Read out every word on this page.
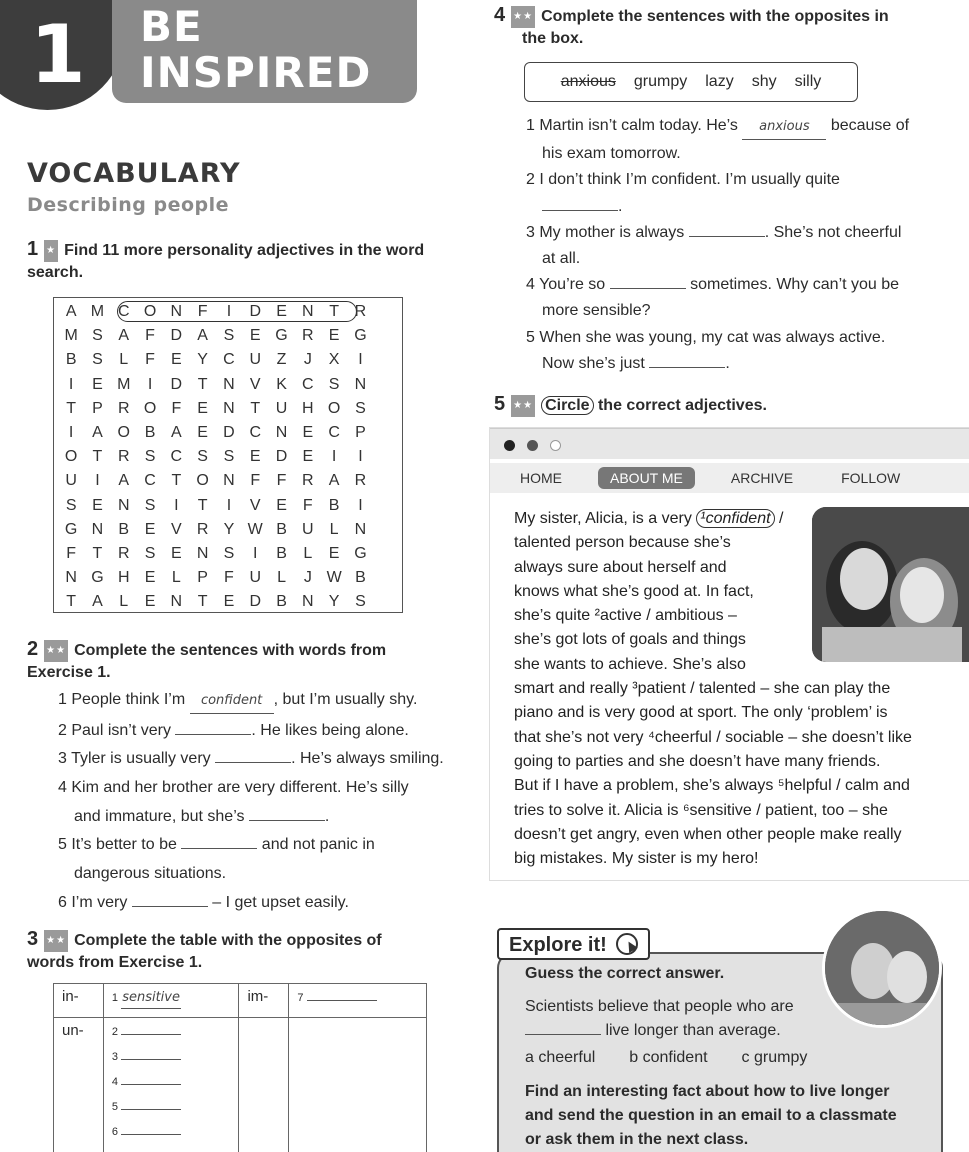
1 BE
INSPIRED
VOCABULARY
Describing people
1 ★ Find 11 more personality adjectives in the word
search.
A M C O N F	I	D E N T R
M S A	F D A S E G R E G
B S	L	F	E Y C U Z	J	X	I
I	E M	I	D T N V K C S N
T	P R O F	E N T U H O S
I	A O B A E D C N E C P
O T R S C S S E D E	I	I
U	I	A C T O N F	F R A R
S E N S	I	T	I	V E	F	B	I
G N B E V R Y W B U	L	N
F	T R S E N S	I	B	L	E G
N G H E	L	P	F U	L	J W B
T	A	L	E N T	E D B N Y S
2 ★★ Complete the sentences with words from
Exercise 1.
1 People think I’m confident , but I’m usually shy.
2 Paul isn’t very	. He likes being alone.
3 Tyler is usually very	. He’s always smiling.
4 Kim and her brother are very different. He’s silly
and immature, but she’s	.
5 It’s better to be	and not panic in
dangerous situations.
6 I’m very	– I get upset easily.
3 ★★ Complete the table with the opposites of
words from Exercise 1.
in-	1 sensitive	im-	7

un-	2
3
4
5
6		

4 ★★ Complete the sentences with the opposites in
the box.
anxious grumpy lazy shy silly
1 Martin isn’t calm today. He’s anxious because of
his exam tomorrow.
2 I don’t think I’m confident. I’m usually quite
.
3 My mother is always	. She’s not cheerful
at all.
4 You’re so	sometimes. Why can’t you be
more sensible?
5 When she was young, my cat was always active.
Now she’s just	.
5 ★★ Circle the correct adjectives.
HOME	ABOUT ME	ARCHIVE	FOLLOW
My sister, Alicia, is a very ¹confident /
talented person because she’s
always sure about herself and
knows what she’s good at. In fact,
she’s quite ²active / ambitious –
she’s got lots of goals and things
she wants to achieve. She’s also
smart and really ³patient / talented – she can play the
piano and is very good at sport. The only ‘problem’ is
that she’s not very ⁴cheerful / sociable – she doesn’t like
going to parties and she doesn’t have many friends.
But if I have a problem, she’s always ⁵helpful / calm and
tries to solve it. Alicia is ⁶sensitive / patient, too – she
doesn’t get angry, even when other people make really
big mistakes. My sister is my hero!
Explore it!
Guess the correct answer.
Scientists believe that people who are
live longer than average.
a cheerful b confident c grumpy
Find an interesting fact about how to live longer
and send the question in an email to a classmate
or ask them in the next class.
